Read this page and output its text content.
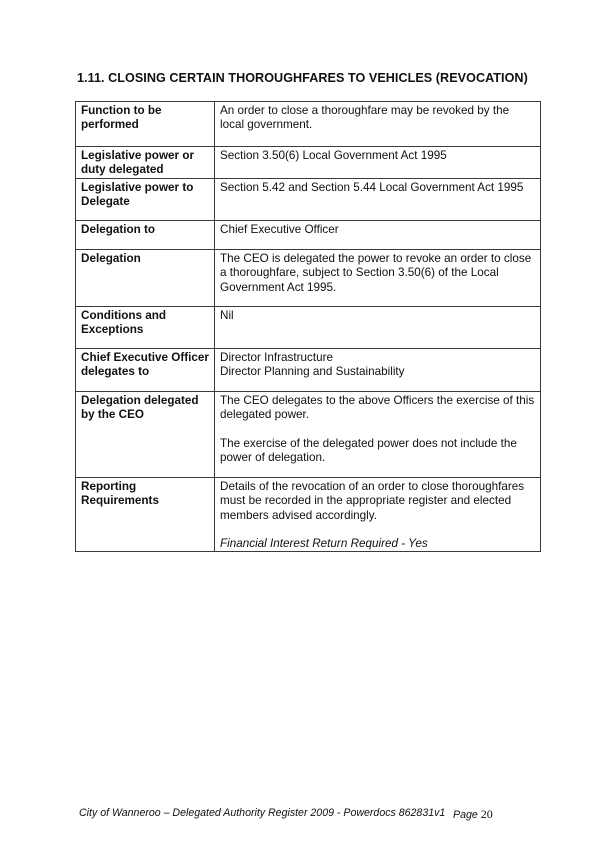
1.11. CLOSING CERTAIN THOROUGHFARES TO VEHICLES (REVOCATION)
Function to be performed	An order to close a thoroughfare may be revoked by the local government.

Legislative power or duty delegated	Section 3.50(6) Local Government Act 1995

Legislative power to Delegate	Section 5.42 and Section 5.44 Local Government Act 1995

Delegation to	Chief Executive Officer

Delegation	The CEO is delegated the power to revoke an order to close a thoroughfare, subject to Section 3.50(6) of the Local Government Act 1995.

Conditions and Exceptions	Nil

Chief Executive Officer delegates to	Director Infrastructure
Director Planning and Sustainability

Delegation delegated by the CEO	The CEO delegates to the above Officers the exercise of this delegated power.
The exercise of the delegated power does not include the power of delegation.

Reporting Requirements	Details of the revocation of an order to close thoroughfares must be recorded in the appropriate register and elected members advised accordingly.
Financial Interest Return Required - Yes
City of Wanneroo – Delegated Authority Register 2009 - Powerdocs 862831v1 Page 20
